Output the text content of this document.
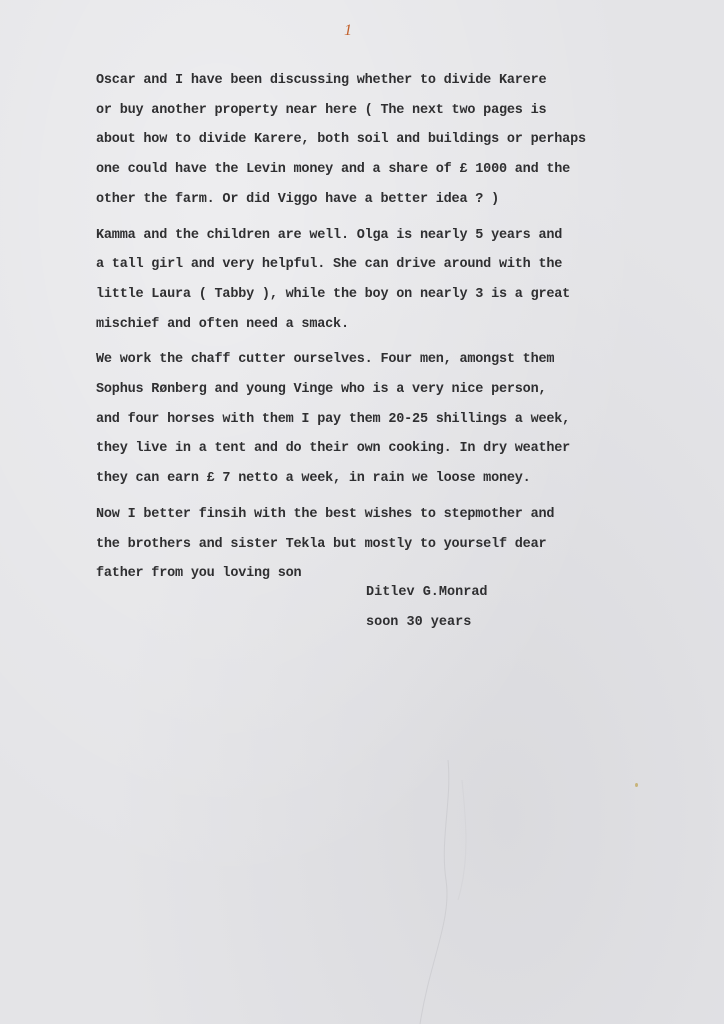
1

Oscar and I have been discussing whether to divide Karere
or buy another property near here ( The next two pages is
about how to divide Karere, both soil and buildings or perhaps
one could have the Levin money and a share of £ 1000 and the
other the farm. Or did Viggo have a better idea ? )

Kamma and the children are well. Olga is nearly 5 years and
a tall girl and very helpful. She can drive around with the
little Laura ( Tabby ), while the boy on nearly 3 is a great
mischief and often need a smack.

We work the chaff cutter ourselves. Four men, amongst them
Sophus Rønberg and young Vinge who is a very nice person,
and four horses with them I pay them 20-25 shillings a week,
they live in a tent and do their own cooking. In dry weather
they can earn £ 7 netto a week, in rain we loose money.

Now I better finsih with the best wishes to stepmother and
the brothers and sister Tekla but mostly to yourself dear
father from you loving son

Ditlev G.Monrad
soon 30 years
